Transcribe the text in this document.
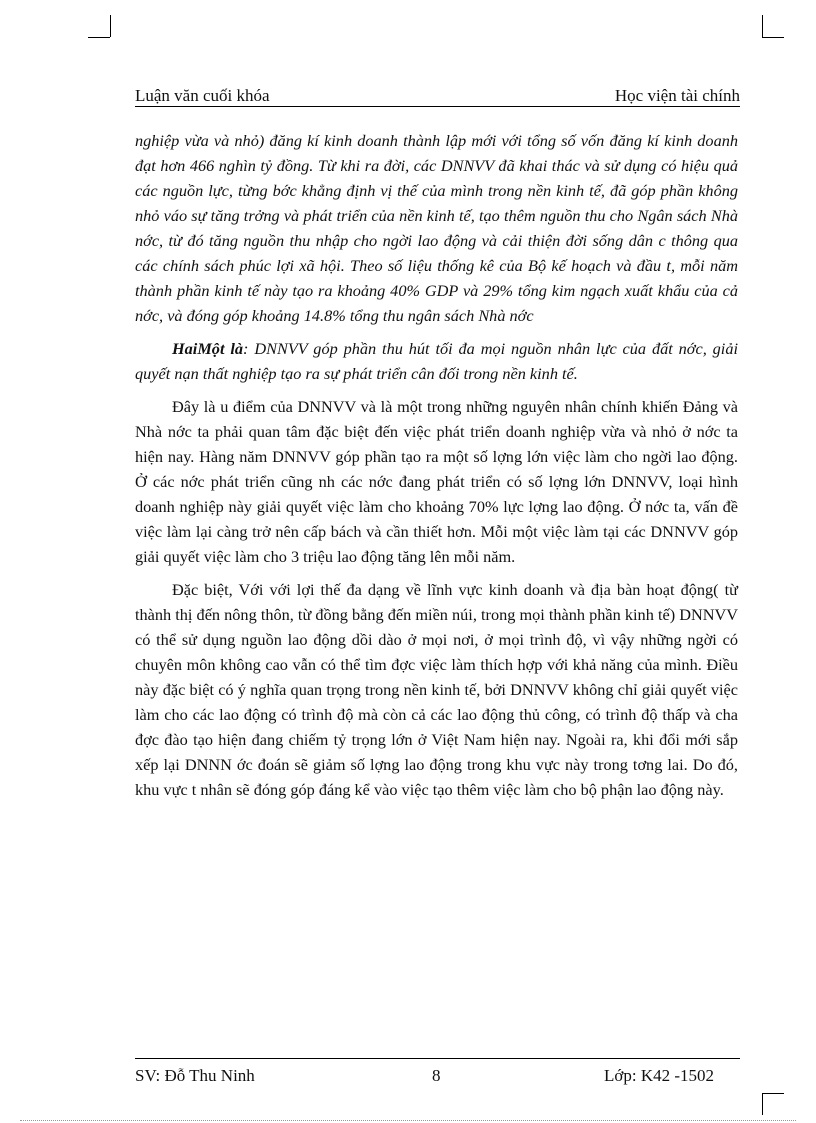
Luận văn cuối khóa	Học viện tài chính

nghiệp vừa và nhỏ) đăng kí kinh doanh thành lập mới với tổng số vốn đăng kí kinh doanh đạt hơn 466 nghìn tỷ đồng. Từ khi ra đời, các DNNVV đã khai thác và sử dụng có hiệu quả các nguồn lực, từng bớc khẳng định vị thế của mình trong nền kinh tế, đã góp phần không nhỏ váo sự tăng trởng và phát triển của nền kinh tế, tạo thêm nguồn thu cho Ngân sách Nhà nớc, từ đó tăng nguồn thu nhập cho ngời lao động và cải thiện đời sống dân c thông qua các chính sách phúc lợi xã hội. Theo số liệu thống kê của Bộ kế hoạch và đầu t, mỗi năm thành phần kinh tế này tạo ra khoảng 40% GDP và 29% tổng kim ngạch xuất khẩu của cả nớc, và đóng góp khoảng 14.8% tổng thu ngân sách Nhà nớc

HaiMột là: DNNVV góp phần thu hút tối đa mọi nguồn nhân lực của đất nớc, giải quyết nạn thất nghiệp tạo ra sự phát triển cân đối trong nền kinh tế.

Đây là u điểm của DNNVV và là một trong những nguyên nhân chính khiến Đảng và Nhà nớc ta phải quan tâm đặc biệt đến việc phát triển doanh nghiệp vừa và nhỏ ở nớc ta hiện nay. Hàng năm DNNVV góp phần tạo ra một số lợng lớn việc làm cho ngời lao động. Ở các nớc phát triển cũng nh các nớc đang phát triển có số lợng lớn DNNVV, loại hình doanh nghiệp này giải quyết việc làm cho khoảng 70% lực lợng lao động. Ở nớc ta, vấn đề việc làm lại càng trở nên cấp bách và cần thiết hơn. Mỗi một việc làm tại các DNNVV góp giải quyết việc làm cho 3 triệu lao động tăng lên mỗi năm.

Đặc biệt, Với với lợi thế đa dạng về lĩnh vực kinh doanh và địa bàn hoạt động( từ thành thị đến nông thôn, từ đồng bằng đến miền núi, trong mọi thành phần kinh tế) DNNVV có thể sử dụng nguồn lao động dồi dào ở mọi nơi, ở mọi trình độ, vì vậy những ngời có chuyên môn không cao vẫn có thể tìm đợc việc làm thích hợp với khả năng của mình. Điều này đặc biệt có ý nghĩa quan trọng trong nền kinh tế, bởi DNNVV không chỉ giải quyết việc làm cho các lao động có trình độ mà còn cả các lao động thủ công, có trình độ thấp và cha đợc đào tạo hiện đang chiếm tỷ trọng lớn ở Việt Nam hiện nay. Ngoài ra, khi đổi mới sắp xếp lại DNNN ớc đoán sẽ giảm số lợng lao động trong khu vực này trong tơng lai. Do đó, khu vực t nhân sẽ đóng góp đáng kể vào việc tạo thêm việc làm cho bộ phận lao động này.

SV: Đỗ Thu Ninh	8	Lớp: K42 -1502
